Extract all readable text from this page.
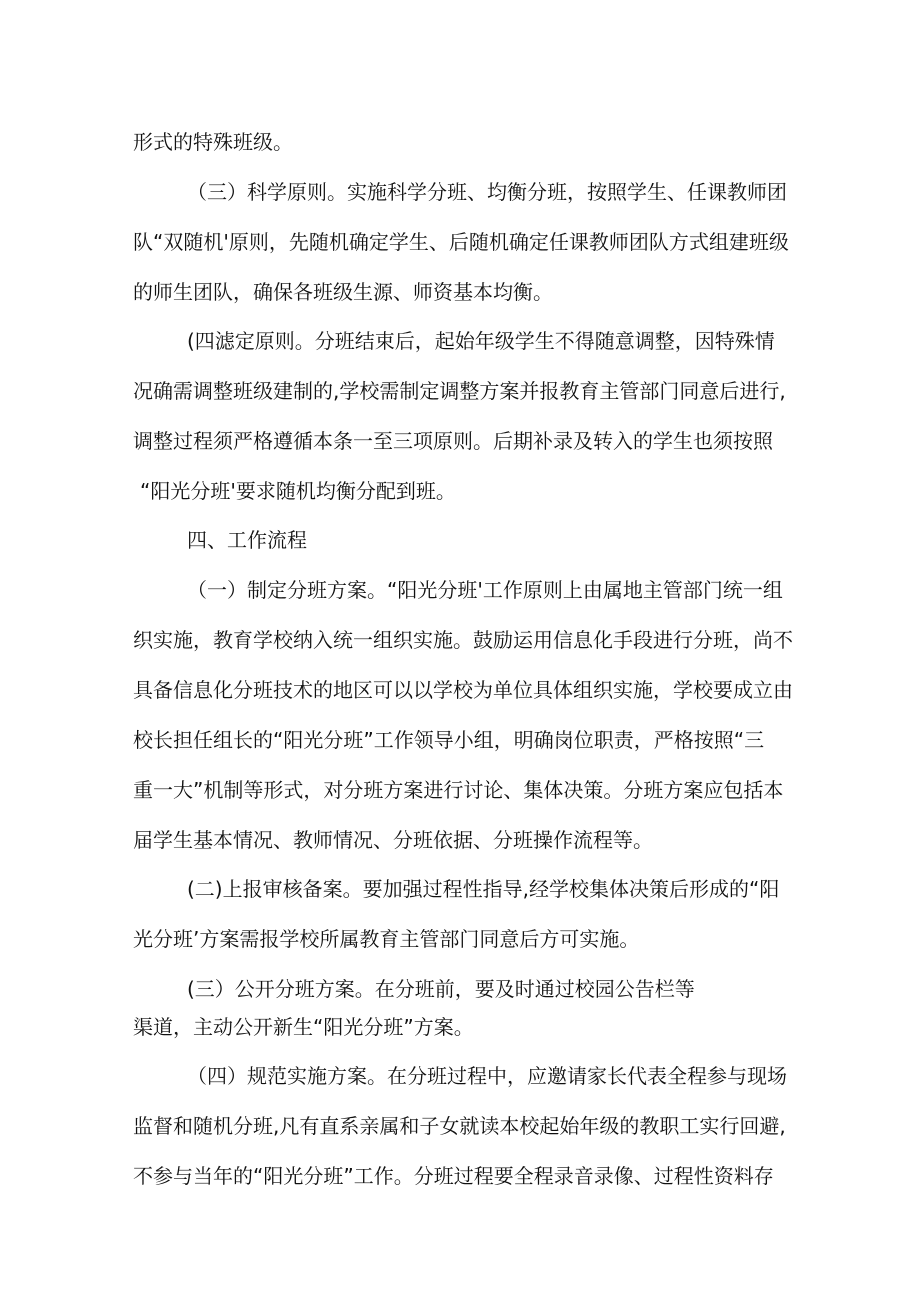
形式的特殊班级。
（三）科学原则。实施科学分班、均衡分班，按照学生、任课教师团
队“双随机'原则，先随机确定学生、后随机确定任课教师团队方式组建班级
的师生团队，确保各班级生源、师资基本均衡。
(四滤定原则。分班结束后，起始年级学生不得随意调整，因特殊情
况确需调整班级建制的,学校需制定调整方案并报教育主管部门同意后进行,
调整过程须严格遵循本条一至三项原则。后期补录及转入的学生也须按照
“阳光分班'要求随机均衡分配到班。
四、工作流程
（一）制定分班方案。“阳光分班'工作原则上由属地主管部门统一组
织实施，教育学校纳入统一组织实施。鼓励运用信息化手段进行分班，尚不
具备信息化分班技术的地区可以以学校为单位具体组织实施，学校要成立由
校长担任组长的“阳光分班”工作领导小组，明确岗位职责，严格按照“三
重一大”机制等形式，对分班方案进行讨论、集体决策。分班方案应包括本
届学生基本情况、教师情况、分班依据、分班操作流程等。
(二)上报审核备案。要加强过程性指导,经学校集体决策后形成的“阳
光分班’方案需报学校所属教育主管部门同意后方可实施。
(三）公开分班方案。在分班前，要及时通过校园公告栏等
渠道，主动公开新生“阳光分班”方案。
（四）规范实施方案。在分班过程中，应邀请家长代表全程参与现场
监督和随机分班,凡有直系亲属和子女就读本校起始年级的教职工实行回避,
不参与当年的“阳光分班”工作。分班过程要全程录音录像、过程性资料存
